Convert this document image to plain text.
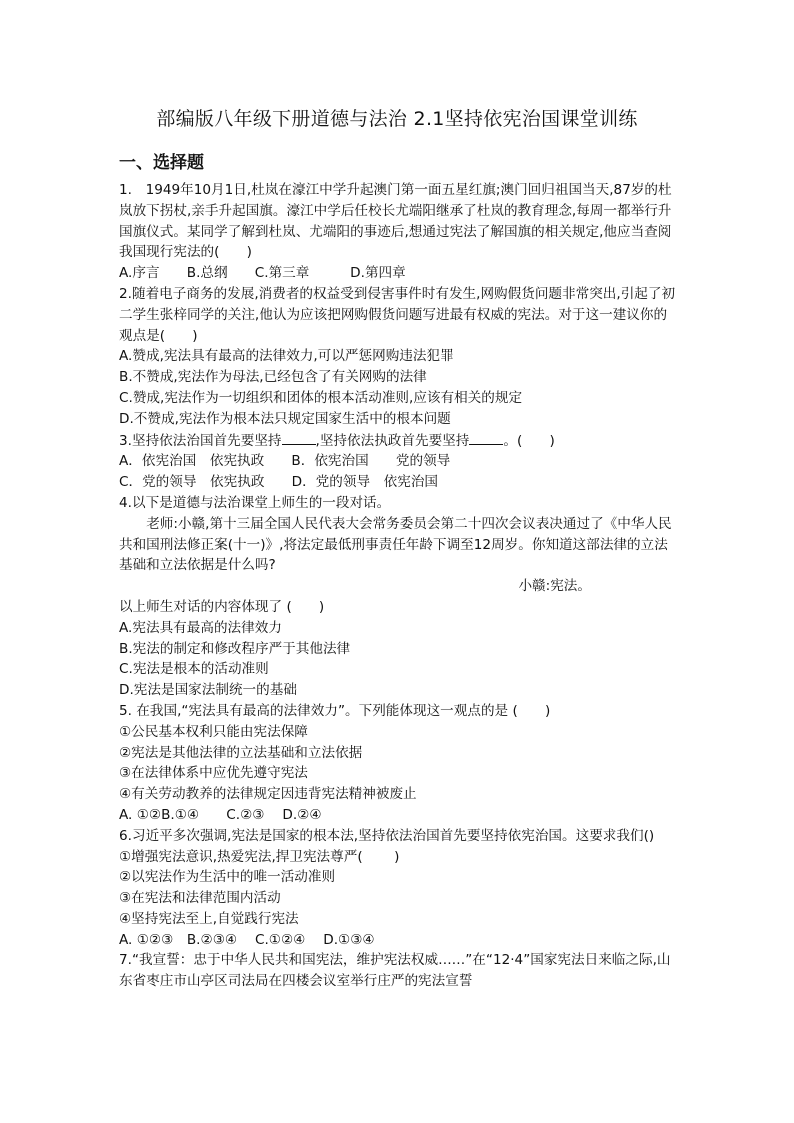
部编版八年级下册道德与法治 2.1坚持依宪治国课堂训练
一、选择题

1.　1949年10月1日,杜岚在濠江中学升起澳门第一面五星红旗;澳门回归祖国当天,87岁的杜岚放下拐杖,亲手升起国旗。濠江中学后任校长尤端阳继承了杜岚的教育理念,每周一都举行升国旗仪式。某同学了解到杜岚、尤端阳的事迹后,想通过宪法了解国旗的相关规定,他应当查阅我国现行宪法的(　　)

A.序言　　B.总纲　　C.第三章　　　D.第四章

2.随着电子商务的发展,消费者的权益受到侵害事件时有发生,网购假货问题非常突出,引起了初二学生张梓同学的关注,他认为应该把网购假货问题写进最有权威的宪法。对于这一建议你的观点是(　　)

A.赞成,宪法具有最高的法律效力,可以严惩网购违法犯罪

B.不赞成,宪法作为母法,已经包含了有关网购的法律

C.赞成,宪法作为一切组织和团体的根本活动准则,应该有相关的规定

D.不赞成,宪法作为根本法只规定国家生活中的根本问题

3.坚持依法治国首先要坚持	,坚持依法执政首先要坚持	。(　　)

A．依宪治国　依宪执政　　B．依宪治国　　党的领导

C．党的领导　依宪执政　　D．党的领导　依宪治国

4.以下是道德与法治课堂上师生的一段对话。

老师:小赣,第十三届全国人民代表大会常务委员会第二十四次会议表决通过了《中华人民共和国刑法修正案(十一)》,将法定最低刑事责任年龄下调至12周岁。你知道这部法律的立法基础和立法依据是什么吗?

小赣:宪法。

以上师生对话的内容体现了 (　　)

A.宪法具有最高的法律效力

B.宪法的制定和修改程序严于其他法律

C.宪法是根本的活动准则

D.宪法是国家法制统一的基础

5. 在我国,“宪法具有最高的法律效力”。下列能体现这一观点的是 (　　)

①公民基本权利只能由宪法保障

②宪法是其他法律的立法基础和立法依据

③在法律体系中应优先遵守宪法

④有关劳动教养的法律规定因违背宪法精神被废止

A. ①②B.①④　　C.②③　 D.②④

6.习近平多次强调,宪法是国家的根本法,坚持依法治国首先要坚持依宪治国。这要求我们()

①增强宪法意识,热爱宪法,捍卫宪法尊严(　　 )

②以宪法作为生活中的唯一活动准则

③在宪法和法律范围内活动

④坚持宪法至上,自觉践行宪法

A. ①②③　B.②③④　 C.①②④　 D.①③④

7.“我宣誓：忠于中华人民共和国宪法，维护宪法权威……”在“12·4”国家宪法日来临之际,山东省枣庄市山亭区司法局在四楼会议室举行庄严的宪法宣誓
